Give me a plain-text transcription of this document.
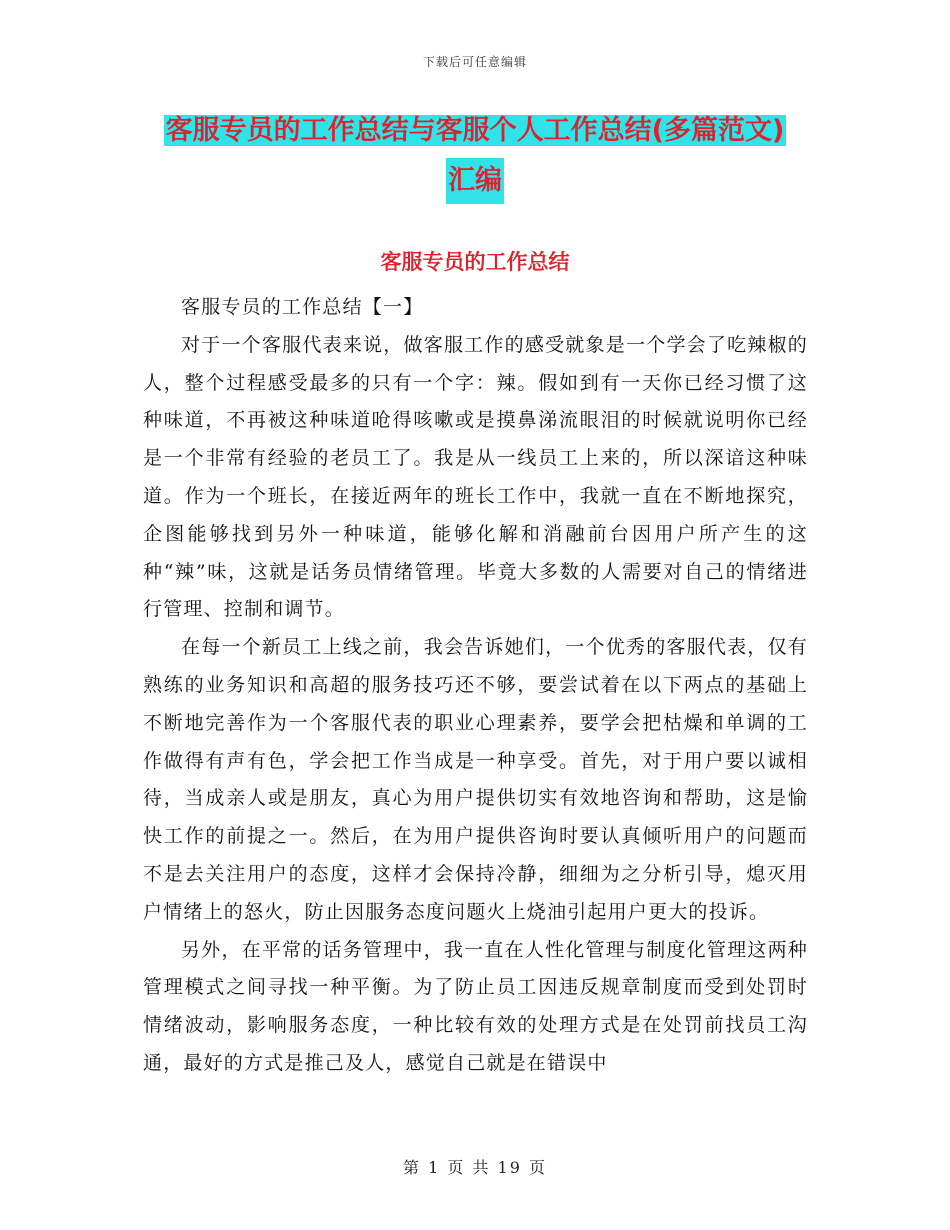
下载后可任意编辑
客服专员的工作总结与客服个人工作总结(多篇范文)
汇编
客服专员的工作总结

客服专员的工作总结【一】

对于一个客服代表来说，做客服工作的感受就象是一个学会了吃辣椒的人，整个过程感受最多的只有一个字：辣。假如到有一天你已经习惯了这种味道，不再被这种味道呛得咳嗽或是摸鼻涕流眼泪的时候就说明你已经是一个非常有经验的老员工了。我是从一线员工上来的，所以深谙这种味道。作为一个班长，在接近两年的班长工作中，我就一直在不断地探究，企图能够找到另外一种味道，能够化解和消融前台因用户所产生的这种“辣”味，这就是话务员情绪管理。毕竟大多数的人需要对自己的情绪进行管理、控制和调节。

在每一个新员工上线之前，我会告诉她们，一个优秀的客服代表，仅有熟练的业务知识和高超的服务技巧还不够，要尝试着在以下两点的基础上不断地完善作为一个客服代表的职业心理素养，要学会把枯燥和单调的工作做得有声有色，学会把工作当成是一种享受。首先，对于用户要以诚相待，当成亲人或是朋友，真心为用户提供切实有效地咨询和帮助，这是愉快工作的前提之一。然后，在为用户提供咨询时要认真倾听用户的问题而不是去关注用户的态度，这样才会保持冷静，细细为之分析引导，熄灭用户情绪上的怒火，防止因服务态度问题火上烧油引起用户更大的投诉。

另外，在平常的话务管理中，我一直在人性化管理与制度化管理这两种管理模式之间寻找一种平衡。为了防止员工因违反规章制度而受到处罚时情绪波动，影响服务态度，一种比较有效的处理方式是在处罚前找员工沟通，最好的方式是推己及人，感觉自己就是在错误中

第 1 页 共 19 页
